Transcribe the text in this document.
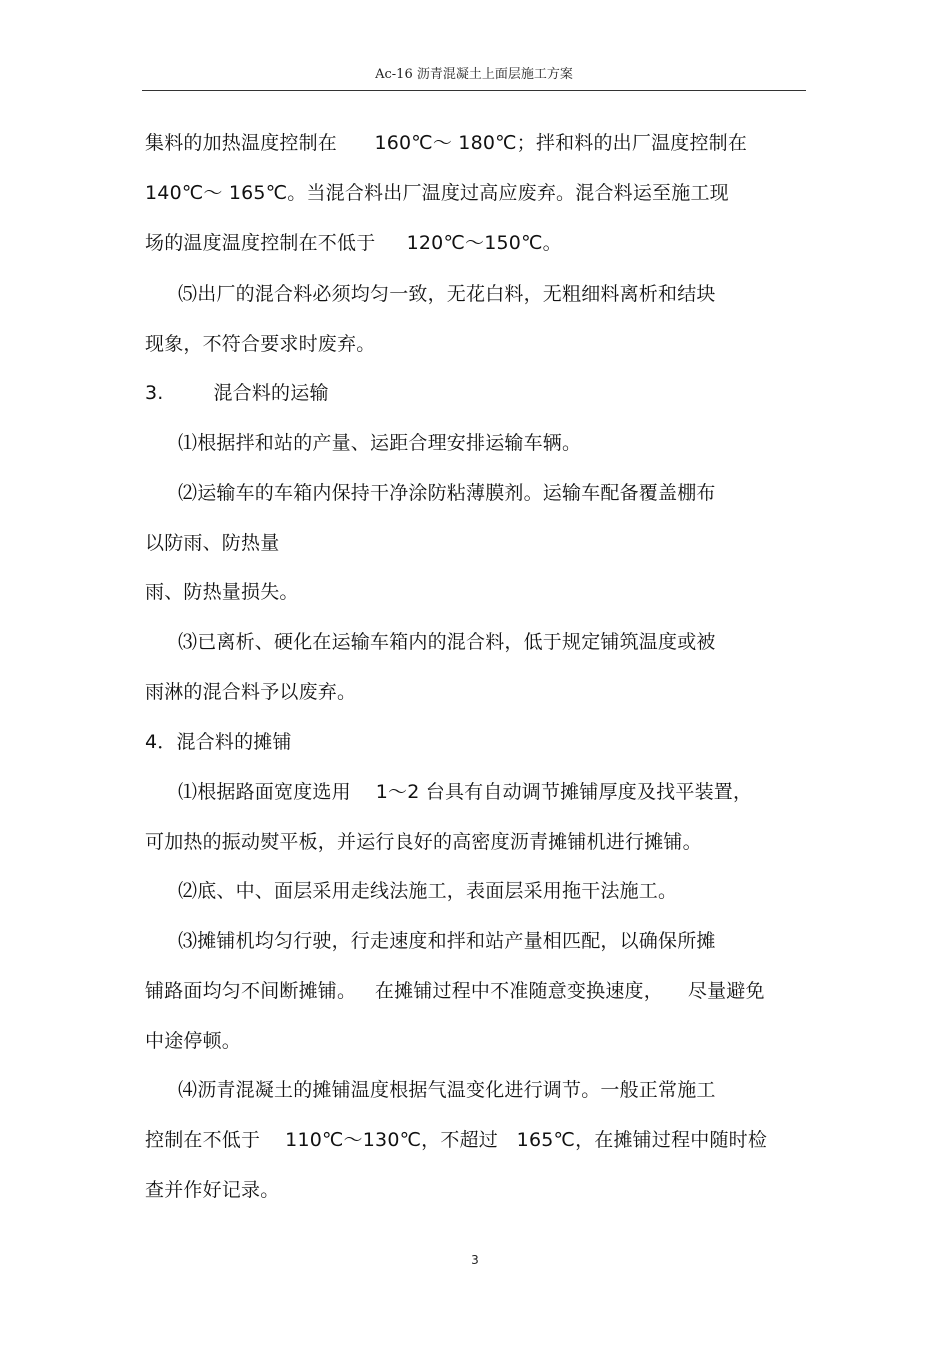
Ac-16 沥青混凝土上面层施工方案
集料的加热温度控制在      160℃～ 180℃；拌和料的出厂温度控制在
140℃～ 165℃。当混合料出厂温度过高应废弃。混合料运至施工现
场的温度温度控制在不低于     120℃～150℃。
⑸出厂的混合料必须均匀一致，无花白料，无粗细料离析和结块
现象，不符合要求时废弃。
3.        混合料的运输
⑴根据拌和站的产量、运距合理安排运输车辆。
⑵运输车的车箱内保持干净涂防粘薄膜剂。运输车配备覆盖棚布
以防雨、防热量
雨、防热量损失。
⑶已离析、硬化在运输车箱内的混合料，低于规定铺筑温度或被
雨淋的混合料予以废弃。
4．混合料的摊铺
⑴根据路面宽度选用    1～2 台具有自动调节摊铺厚度及找平装置，
可加热的振动熨平板，并运行良好的高密度沥青摊铺机进行摊铺。
⑵底、中、面层采用走线法施工，表面层采用拖干法施工。
⑶摊铺机均匀行驶，行走速度和拌和站产量相匹配，以确保所摊
铺路面均匀不间断摊铺。   在摊铺过程中不准随意变换速度，    尽量避免
中途停顿。
⑷沥青混凝土的摊铺温度根据气温变化进行调节。一般正常施工
控制在不低于    110℃～130℃，不超过   165℃，在摊铺过程中随时检
查并作好记录。
3
